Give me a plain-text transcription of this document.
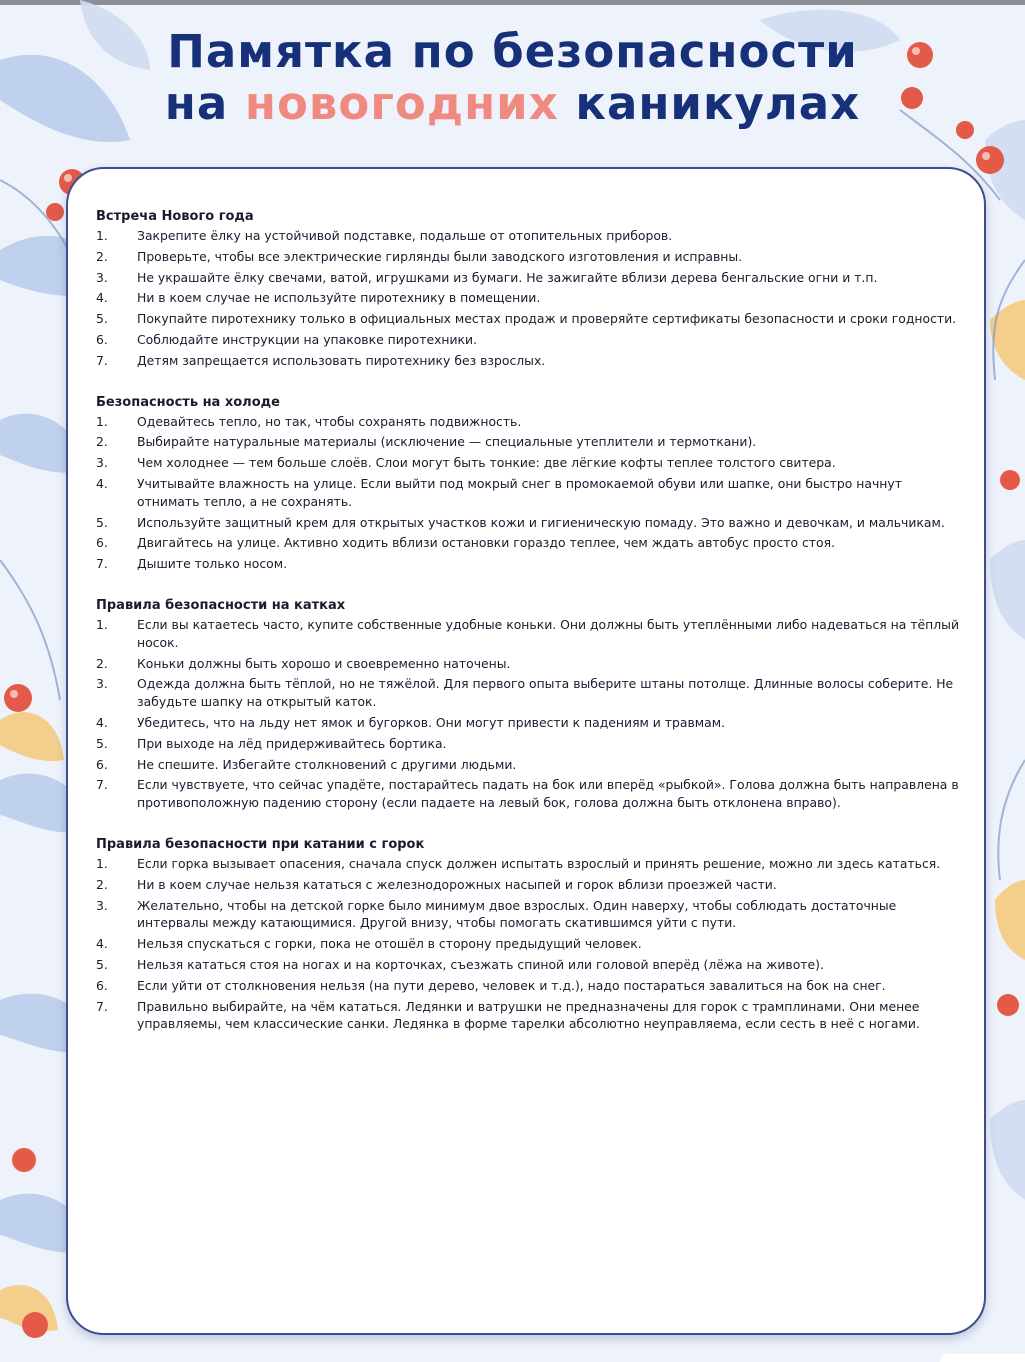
Памятка по безопасности
на новогодних каникулах
Встреча Нового года
1. Закрепите ёлку на устойчивой подставке, подальше от отопительных приборов.
2. Проверьте, чтобы все электрические гирлянды были заводского изготовления и исправны.
3. Не украшайте ёлку свечами, ватой, игрушками из бумаги. Не зажигайте вблизи дерева бенгальские огни и т.п.
4. Ни в коем случае не используйте пиротехнику в помещении.
5. Покупайте пиротехнику только в официальных местах продаж и проверяйте сертификаты безопасности и сроки годности.
6. Соблюдайте инструкции на упаковке пиротехники.
7. Детям запрещается использовать пиротехнику без взрослых.
Безопасность на холоде
1. Одевайтесь тепло, но так, чтобы сохранять подвижность.
2. Выбирайте натуральные материалы (исключение — специальные утеплители и термоткани).
3. Чем холоднее — тем больше слоёв. Слои могут быть тонкие: две лёгкие кофты теплее толстого свитера.
4. Учитывайте влажность на улице. Если выйти под мокрый снег в промокаемой обуви или шапке, они быстро начнут отнимать тепло, а не сохранять.
5. Используйте защитный крем для открытых участков кожи и гигиеническую помаду. Это важно и девочкам, и мальчикам.
6. Двигайтесь на улице. Активно ходить вблизи остановки гораздо теплее, чем ждать автобус просто стоя.
7. Дышите только носом.
Правила безопасности на катках
1. Если вы катаетесь часто, купите собственные удобные коньки. Они должны быть утеплёнными либо надеваться на тёплый носок.
2. Коньки должны быть хорошо и своевременно наточены.
3. Одежда должна быть тёплой, но не тяжёлой. Для первого опыта выберите штаны потолще. Длинные волосы соберите. Не забудьте шапку на открытый каток.
4. Убедитесь, что на льду нет ямок и бугорков. Они могут привести к падениям и травмам.
5. При выходе на лёд придерживайтесь бортика.
6. Не спешите. Избегайте столкновений с другими людьми.
7. Если чувствуете, что сейчас упадёте, постарайтесь падать на бок или вперёд «рыбкой». Голова должна быть направлена в противоположную падению сторону (если падаете на левый бок, голова должна быть отклонена вправо).
Правила безопасности при катании с горок
1. Если горка вызывает опасения, сначала спуск должен испытать взрослый и принять решение, можно ли здесь кататься.
2. Ни в коем случае нельзя кататься с железнодорожных насыпей и горок вблизи проезжей части.
3. Желательно, чтобы на детской горке было минимум двое взрослых. Один наверху, чтобы соблюдать достаточные интервалы между катающимися. Другой внизу, чтобы помогать скатившимся уйти с пути.
4. Нельзя спускаться с горки, пока не отошёл в сторону предыдущий человек.
5. Нельзя кататься стоя на ногах и на корточках, съезжать спиной или головой вперёд (лёжа на животе).
6. Если уйти от столкновения нельзя (на пути дерево, человек и т.д.), надо постараться завалиться на бок на снег.
7. Правильно выбирайте, на чём кататься. Ледянки и ватрушки не предназначены для горок с трамплинами. Они менее управляемы, чем классические санки. Ледянка в форме тарелки абсолютно неуправляема, если сесть в неё с ногами.
